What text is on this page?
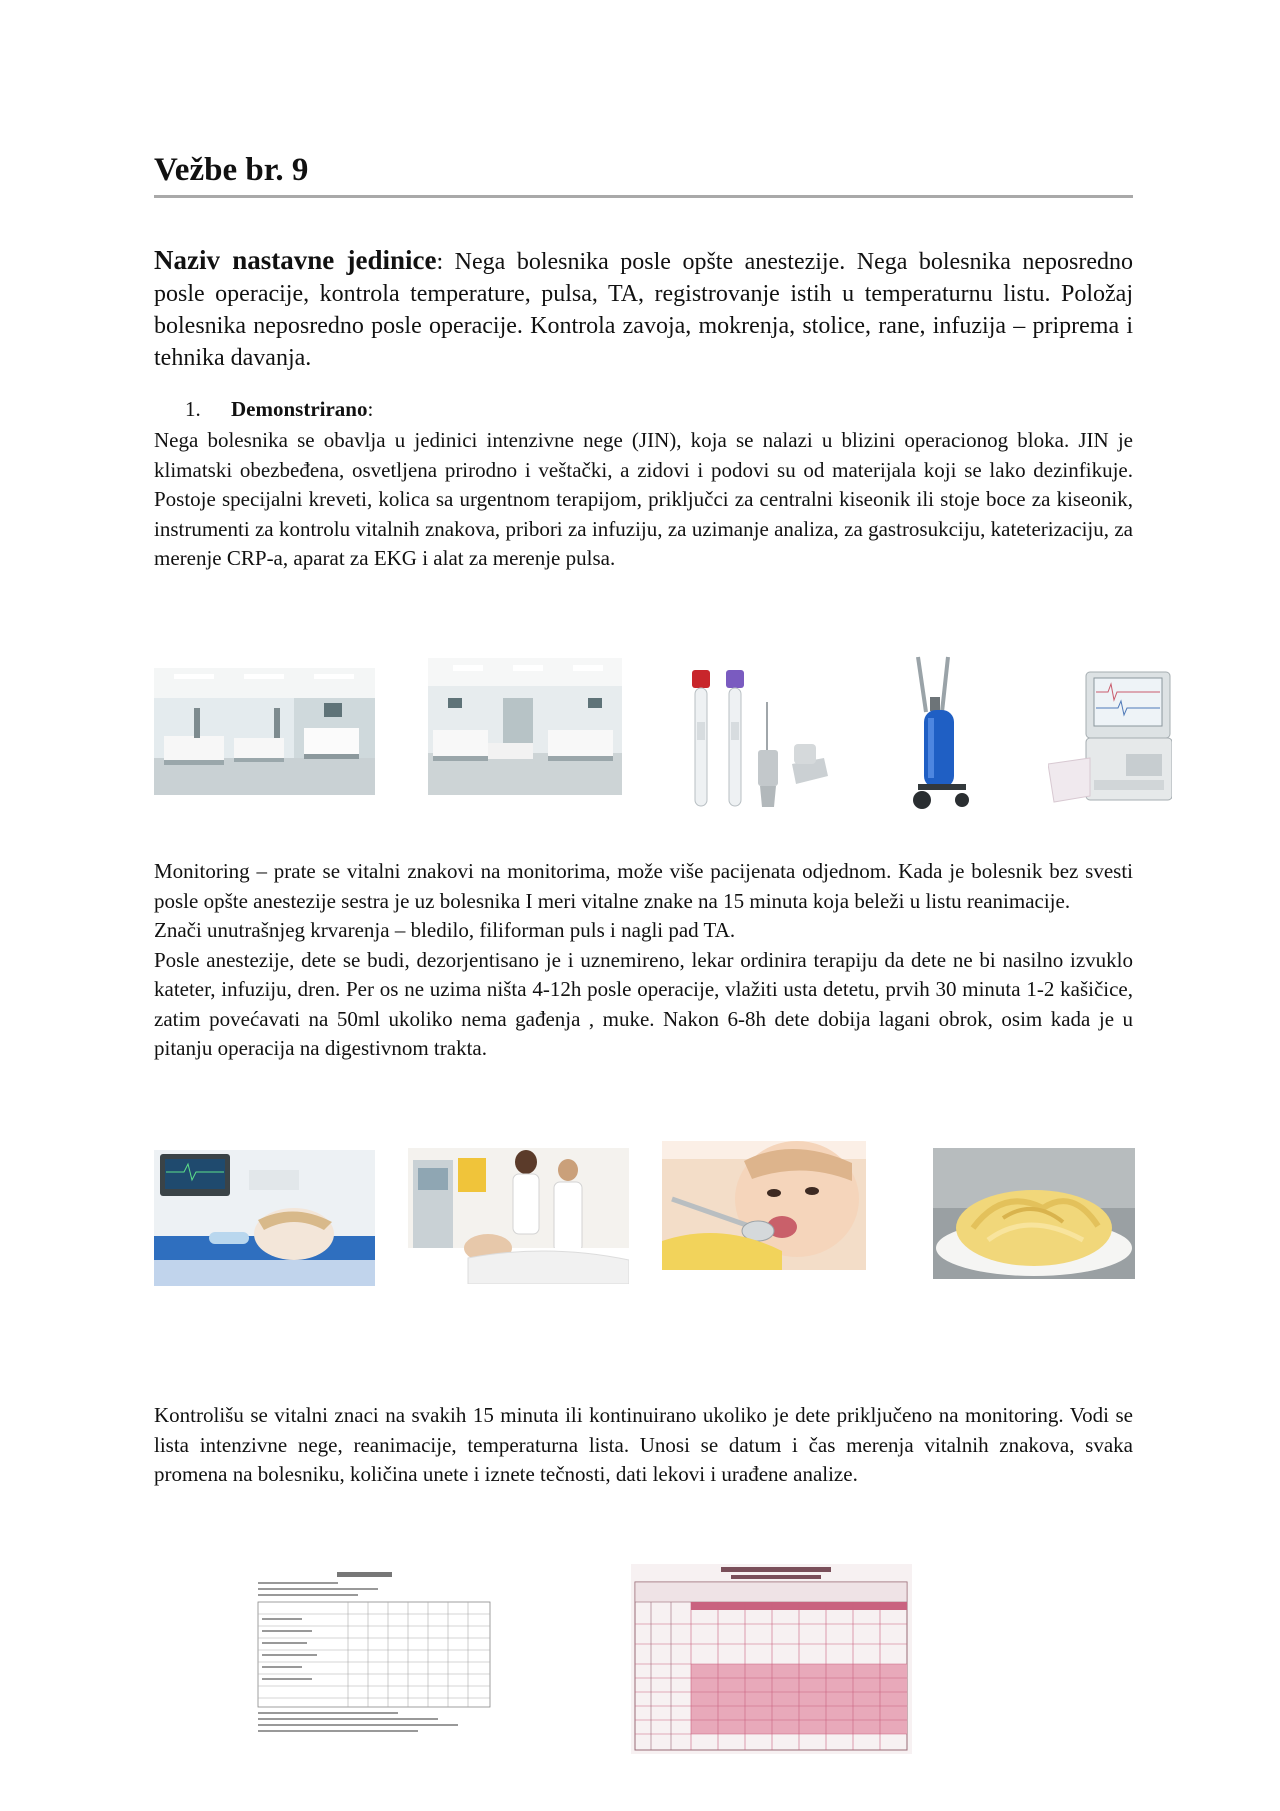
Vežbe br. 9
Naziv nastavne jedinice: Nega bolesnika posle opšte anestezije. Nega bolesnika neposredno posle operacije, kontrola temperature, pulsa, TA, registrovanje istih u temperaturnu listu. Položaj bolesnika neposredno posle operacije. Kontrola zavoja, mokrenja, stolice, rane, infuzija – priprema i tehnika davanja.
1. Demonstrirano:
Nega bolesnika se obavlja u jedinici intenzivne nege (JIN), koja se nalazi u blizini operacionog bloka. JIN je klimatski obezbeđena, osvetljena prirodno i veštački, a zidovi i podovi su od materijala koji se lako dezinfikuje. Postoje specijalni kreveti, kolica sa urgentnom terapijom, priključci za centralni kiseonik ili stoje boce za kiseonik, instrumenti za kontrolu vitalnih znakova, pribori za infuziju, za uzimanje analiza, za gastrosukciju, kateterizaciju, za merenje CRP-a, aparat za EKG i alat za merenje pulsa.
Monitoring – prate se vitalni znakovi na monitorima, može više pacijenata odjednom. Kada je bolesnik bez svesti posle opšte anestezije sestra je uz bolesnika I meri vitalne znake na 15 minuta koja beleži u listu reanimacije.
Znači unutrašnjeg krvarenja – bledilo, filiforman puls i nagli pad TA.
Posle anestezije, dete se budi, dezorjentisano je i uznemireno, lekar ordinira terapiju da dete ne bi nasilno izvuklo kateter, infuziju, dren. Per os ne uzima ništa 4-12h posle operacije, vlažiti usta detetu, prvih 30 minuta 1-2 kašičice, zatim povećavati na 50ml ukoliko nema gađenja , muke. Nakon 6-8h dete dobija lagani obrok, osim kada je u pitanju operacija na digestivnom trakta.
Kontrolišu se vitalni znaci na svakih 15 minuta ili kontinuirano ukoliko je dete priključeno na monitoring. Vodi se lista intenzivne nege, reanimacije, temperaturna lista. Unosi se datum i čas merenja vitalnih znakova, svaka promena na bolesniku, količina unete i iznete tečnosti, dati lekovi i urađene analize.
